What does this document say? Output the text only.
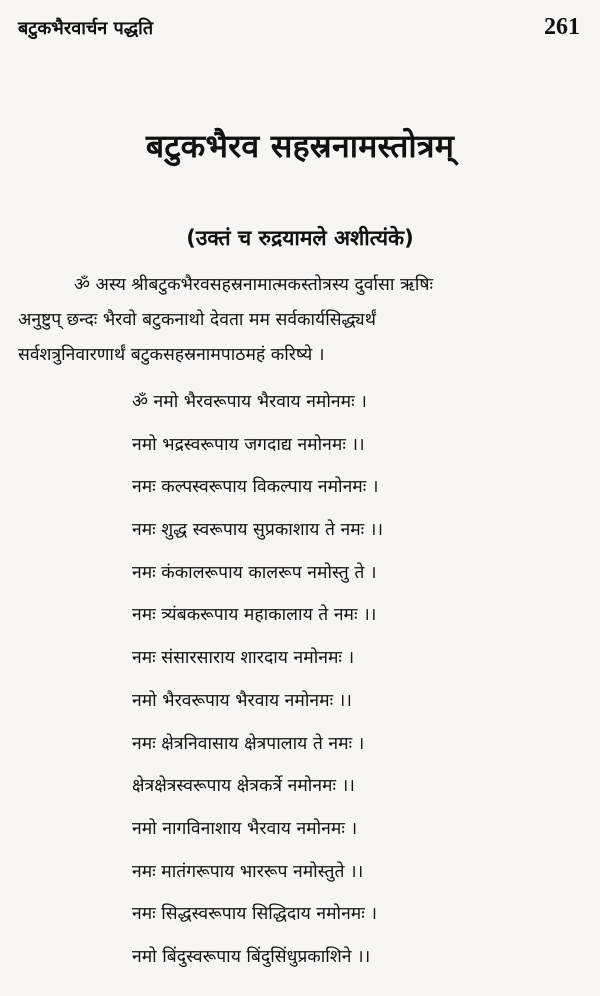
बटुकभैरवार्चन पद्धति	261
बटुकभैरव सहस्रनामस्तोत्रम्
(उक्तं च रुद्रयामले अशीत्यंके)
ॐ अस्य श्रीबटुकभैरवसहस्रनामात्मकस्तोत्रस्य दुर्वासा ऋषिः
अनुष्टुप् छन्दः भैरवो बटुकनाथो देवता मम सर्वकार्यसिद्ध्यर्थं
सर्वशत्रुनिवारणार्थं बटुकसहस्रनामपाठमहं करिष्ये ।
ॐ नमो भैरवरूपाय भैरवाय नमोनमः ।
नमो भद्रस्वरूपाय जगदाद्य नमोनमः ।।
नमः कल्पस्वरूपाय विकल्पाय नमोनमः ।
नमः शुद्ध स्वरूपाय सुप्रकाशाय ते नमः ।।
नमः कंकालरूपाय कालरूप नमोस्तु ते ।
नमः त्र्यंबकरूपाय महाकालाय ते नमः ।।
नमः संसारसाराय शारदाय नमोनमः ।
नमो भैरवरूपाय भैरवाय नमोनमः ।।
नमः क्षेत्रनिवासाय क्षेत्रपालाय ते नमः ।
क्षेत्रक्षेत्रस्वरूपाय क्षेत्रकर्त्रे नमोनमः ।।
नमो नागविनाशाय भैरवाय नमोनमः ।
नमः मातंगरूपाय भाररूप नमोस्तुते ।।
नमः सिद्धस्वरूपाय सिद्धिदाय नमोनमः ।
नमो बिंदुस्वरूपाय बिंदुसिंधुप्रकाशिने ।।
